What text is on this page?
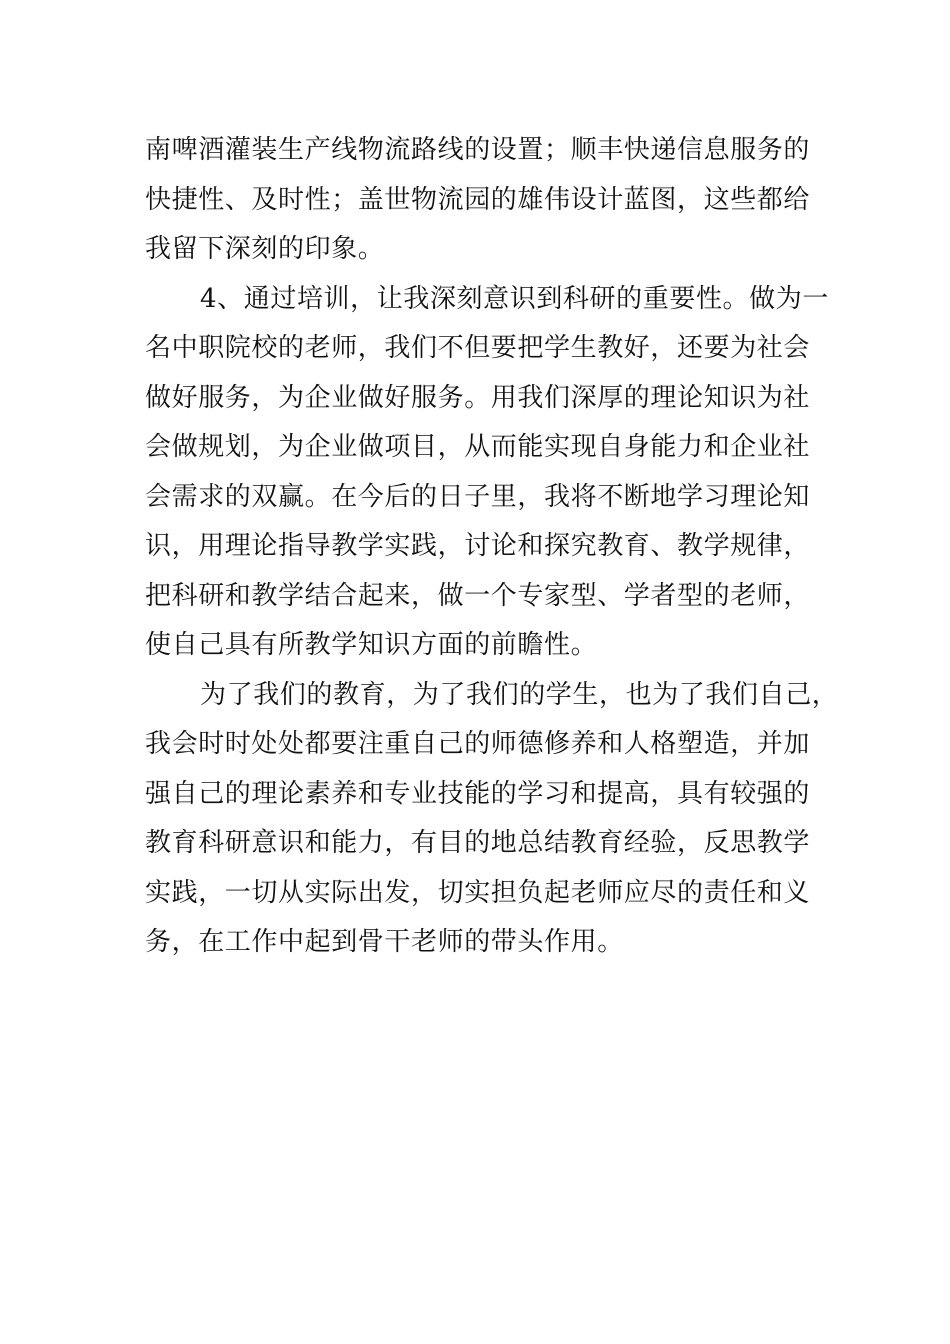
南啤酒灌装生产线物流路线的设置；顺丰快递信息服务的
快捷性、及时性；盖世物流园的雄伟设计蓝图，这些都给
我留下深刻的印象。

4、通过培训，让我深刻意识到科研的重要性。做为一
名中职院校的老师，我们不但要把学生教好，还要为社会
做好服务，为企业做好服务。用我们深厚的理论知识为社
会做规划，为企业做项目，从而能实现自身能力和企业社
会需求的双赢。在今后的日子里，我将不断地学习理论知
识，用理论指导教学实践，讨论和探究教育、教学规律，
把科研和教学结合起来，做一个专家型、学者型的老师，
使自己具有所教学知识方面的前瞻性。

为了我们的教育，为了我们的学生，也为了我们自己，
我会时时处处都要注重自己的师德修养和人格塑造，并加
强自己的理论素养和专业技能的学习和提高，具有较强的
教育科研意识和能力，有目的地总结教育经验，反思教学
实践，一切从实际出发，切实担负起老师应尽的责任和义
务，在工作中起到骨干老师的带头作用。
